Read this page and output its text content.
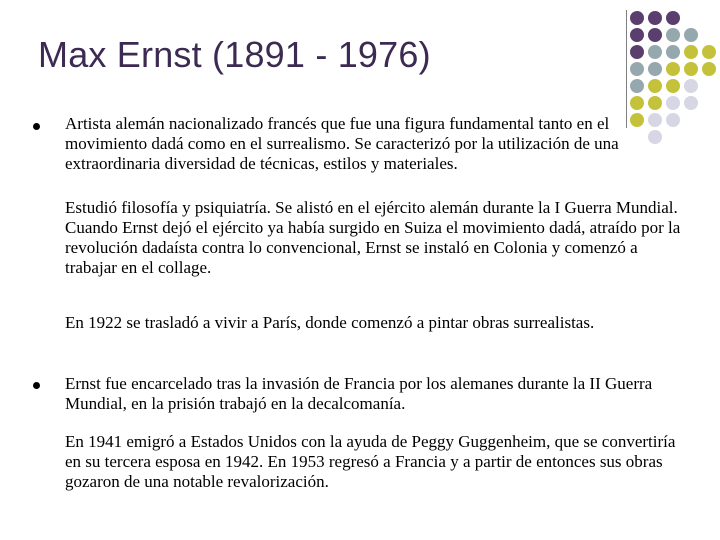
Max Ernst (1891 - 1976)

Artista alemán nacionalizado francés que fue una figura fundamental tanto en el movimiento dadá como en el surrealismo. Se caracterizó por la utilización de una extraordinaria diversidad de técnicas, estilos y materiales.

Estudió filosofía y psiquiatría. Se alistó en el ejército alemán durante la I Guerra Mundial. Cuando Ernst dejó el ejército ya había surgido en Suiza el movimiento dadá, atraído por la revolución dadaísta contra lo convencional, Ernst se instaló en Colonia y comenzó a trabajar en el collage.

En 1922 se trasladó a vivir a París, donde comenzó a pintar obras surrealistas.

Ernst fue encarcelado tras la invasión de Francia por los alemanes durante la II Guerra Mundial, en la prisión trabajó en la decalcomanía.

En 1941 emigró a Estados Unidos con la ayuda de Peggy Guggenheim, que se convertiría en su tercera esposa en 1942. En 1953 regresó a Francia y a partir de entonces sus obras gozaron de una notable revalorización.
